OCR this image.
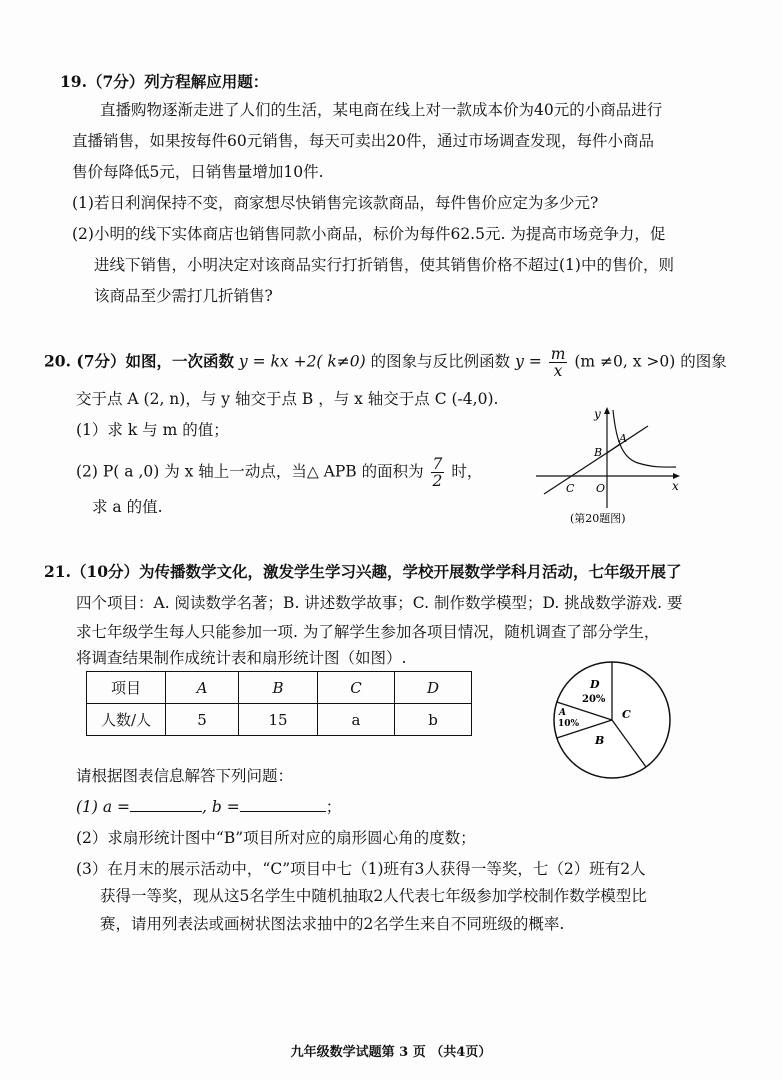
19.（7分）列方程解应用题：
直播购物逐渐走进了人们的生活，某电商在线上对一款成本价为40元的小商品进行
直播销售，如果按每件60元销售，每天可卖出20件，通过市场调查发现，每件小商品
售价每降低5元，日销售量增加10件.
(1)若日利润保持不变，商家想尽快销售完该款商品，每件售价应定为多少元?
(2)小明的线下实体商店也销售同款小商品，标价为每件62.5元. 为提高市场竞争力，促
进线下销售，小明决定对该商品实行打折销售，使其销售价格不超过(1)中的售价，则
该商品至少需打几折销售?
20. (7分）如图，一次函数 y = kx +2( k≠0) 的图象与反比例函数 $y = \frac{m}{x} (m \ne 0$, x >0) 的图象
交于点 A (2, n)，与 y 轴交于点 B ，与 x 轴交于点 C (-4,0).
(1）求 k 与 m 的值；
(2) P( a ,0) 为 x 轴上一动点，当△ APB 的面积为 $\frac{7}{2}$ 时，
求 a 的值.
y
x
O
A
B
C
(第20题图)
21.（10分）为传播数学文化，激发学生学习兴趣，学校开展数学学科月活动，七年级开展了
四个项目：A. 阅读数学名著；B. 讲述数学故事；C. 制作数学模型；D. 挑战数学游戏. 要
求七年级学生每人只能参加一项. 为了解学生参加各项目情况，随机调查了部分学生，
将调查结果制作成统计表和扇形统计图（如图）.
项目	A	B	C	D
人数/人	5	15	a	b
D
20%
C
A
10%
B
请根据图表信息解答下列问题：
(1) a =	, b =	；
(2）求扇形统计图中“B”项目所对应的扇形圆心角的度数；
(3）在月末的展示活动中，“C”项目中七（1)班有3人获得一等奖，七（2）班有2人
获得一等奖，现从这5名学生中随机抽取2人代表七年级参加学校制作数学模型比
赛，请用列表法或画树状图法求抽中的2名学生来自不同班级的概率.
九年级数学试题第 3 页 （共4页）
